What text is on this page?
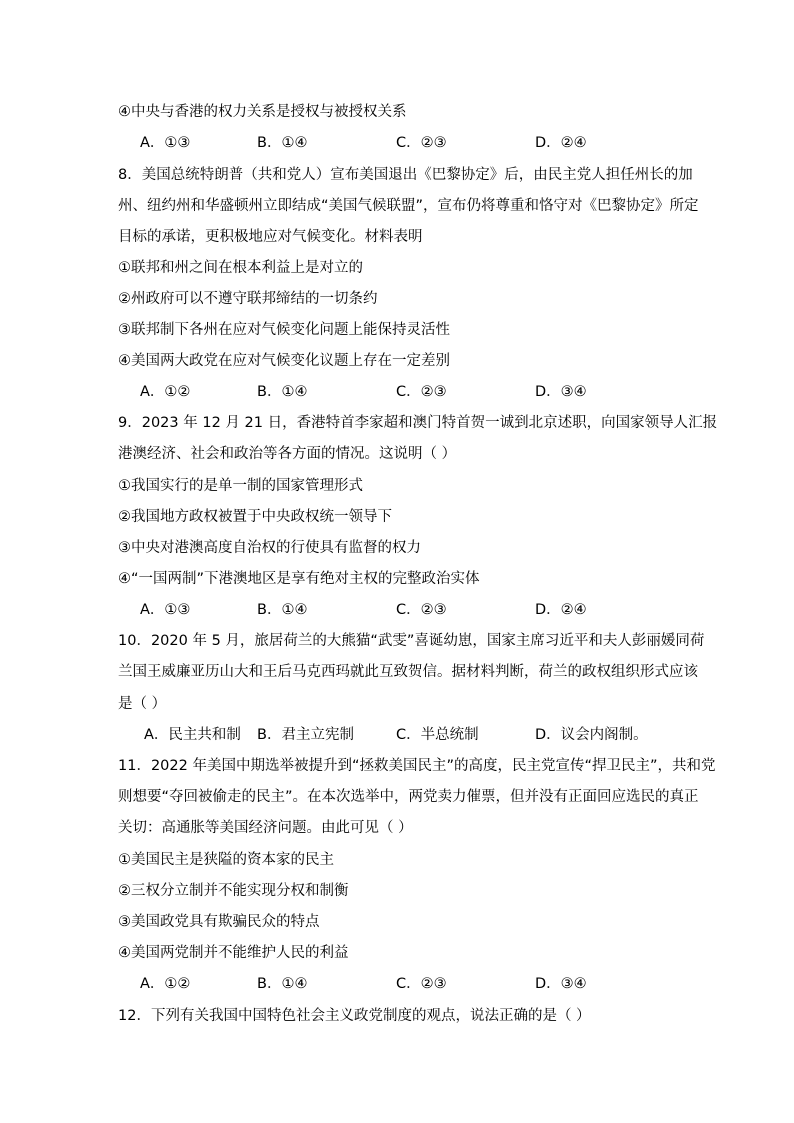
④中央与香港的权力关系是授权与被授权关系
A．①③	B．①④	C．②③	D．②④
8．美国总统特朗普（共和党人）宣布美国退出《巴黎协定》后，由民主党人担任州长的加
州、纽约州和华盛顿州立即结成“美国气候联盟”，宣布仍将尊重和恪守对《巴黎协定》所定
目标的承诺，更积极地应对气候变化。材料表明
①联邦和州之间在根本利益上是对立的
②州政府可以不遵守联邦缔结的一切条约
③联邦制下各州在应对气候变化问题上能保持灵活性
④美国两大政党在应对气候变化议题上存在一定差别
A．①②	B．①④	C．②③	D．③④
9．2023 年 12 月 21 日，香港特首李家超和澳门特首贺一诚到北京述职，向国家领导人汇报
港澳经济、社会和政治等各方面的情况。这说明（ ）
①我国实行的是单一制的国家管理形式
②我国地方政权被置于中央政权统一领导下
③中央对港澳高度自治权的行使具有监督的权力
④“一国两制”下港澳地区是享有绝对主权的完整政治实体
A．①③	B．①④	C．②③	D．②④
10．2020 年 5 月，旅居荷兰的大熊猫“武雯”喜诞幼崽，国家主席习近平和夫人彭丽媛同荷
兰国王威廉亚历山大和王后马克西玛就此互致贺信。据材料判断，荷兰的政权组织形式应该
是（ ）
A．民主共和制 B．君主立宪制	C．半总统制	D．议会内阁制。
11．2022 年美国中期选举被提升到“拯救美国民主”的高度，民主党宣传“捍卫民主”，共和党
则想要“夺回被偷走的民主”。在本次选举中，两党卖力催票，但并没有正面回应选民的真正
关切：高通胀等美国经济问题。由此可见（ ）
①美国民主是狭隘的资本家的民主
②三权分立制并不能实现分权和制衡
③美国政党具有欺骗民众的特点
④美国两党制并不能维护人民的利益
A．①②	B．①④	C．②③	D．③④
12．下列有关我国中国特色社会主义政党制度的观点，说法正确的是（ ）
